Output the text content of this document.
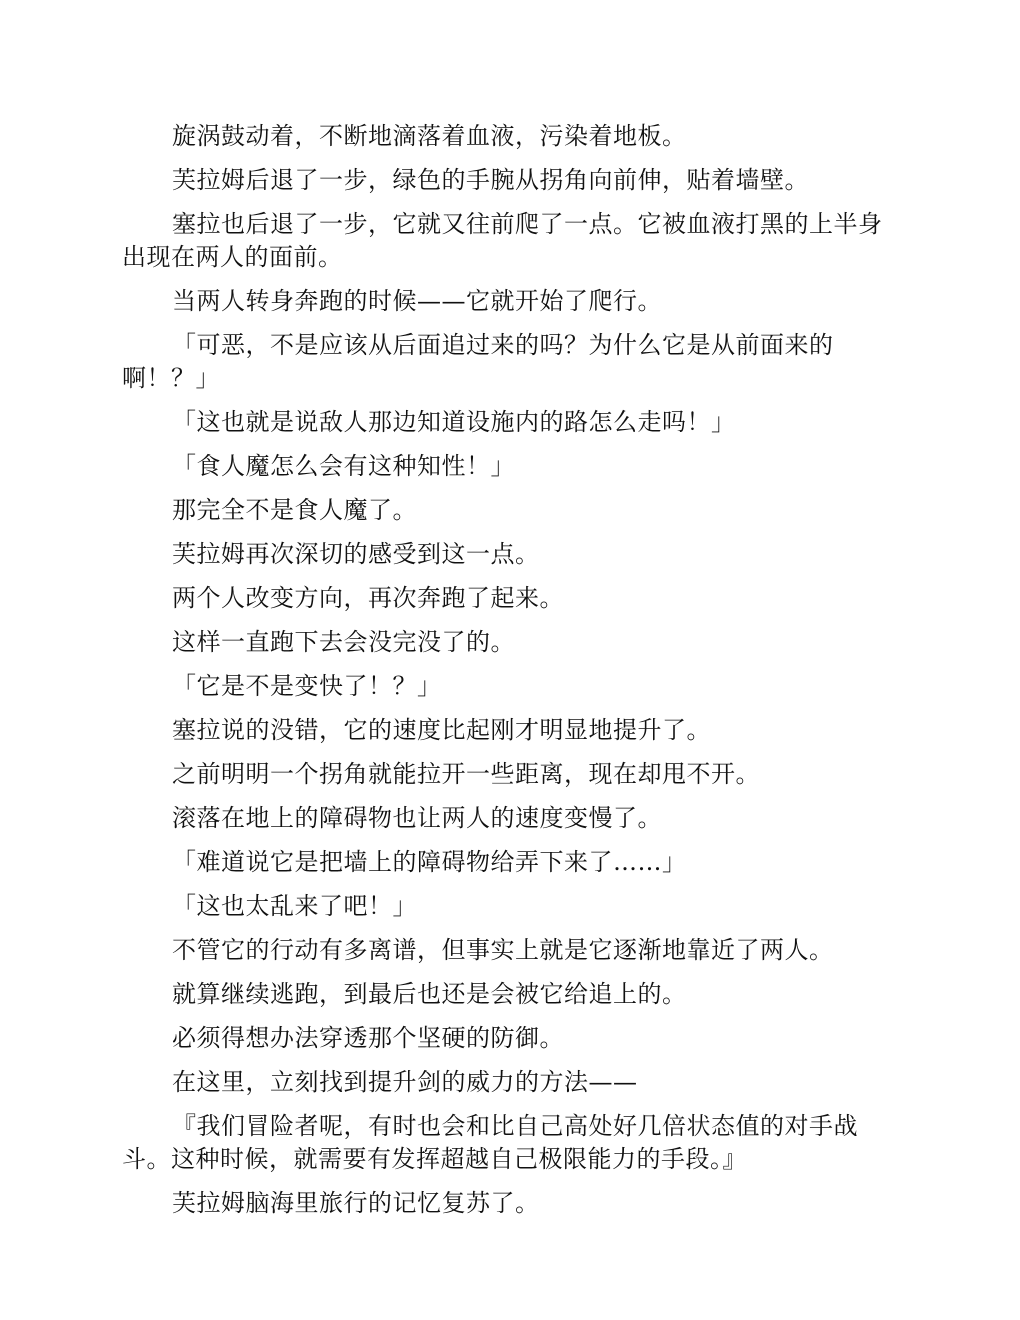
旋涡鼓动着，不断地滴落着血液，污染着地板。

芙拉姆后退了一步，绿色的手腕从拐角向前伸，贴着墙壁。

塞拉也后退了一步，它就又往前爬了一点。它被血液打黑的上半身出现在两人的面前。

当两人转身奔跑的时候——它就开始了爬行。

「可恶，不是应该从后面追过来的吗？为什么它是从前面来的啊！？」

「这也就是说敌人那边知道设施内的路怎么走吗！」

「食人魔怎么会有这种知性！」

那完全不是食人魔了。

芙拉姆再次深切的感受到这一点。

两个人改变方向，再次奔跑了起来。

这样一直跑下去会没完没了的。

「它是不是变快了！？」

塞拉说的没错，它的速度比起刚才明显地提升了。

之前明明一个拐角就能拉开一些距离，现在却甩不开。

滚落在地上的障碍物也让两人的速度变慢了。

「难道说它是把墙上的障碍物给弄下来了……」

「这也太乱来了吧！」

不管它的行动有多离谱，但事实上就是它逐渐地靠近了两人。

就算继续逃跑，到最后也还是会被它给追上的。

必须得想办法穿透那个坚硬的防御。

在这里，立刻找到提升剑的威力的方法——

『我们冒险者呢，有时也会和比自己高处好几倍状态值的对手战斗。这种时候，就需要有发挥超越自己极限能力的手段。』

芙拉姆脑海里旅行的记忆复苏了。
